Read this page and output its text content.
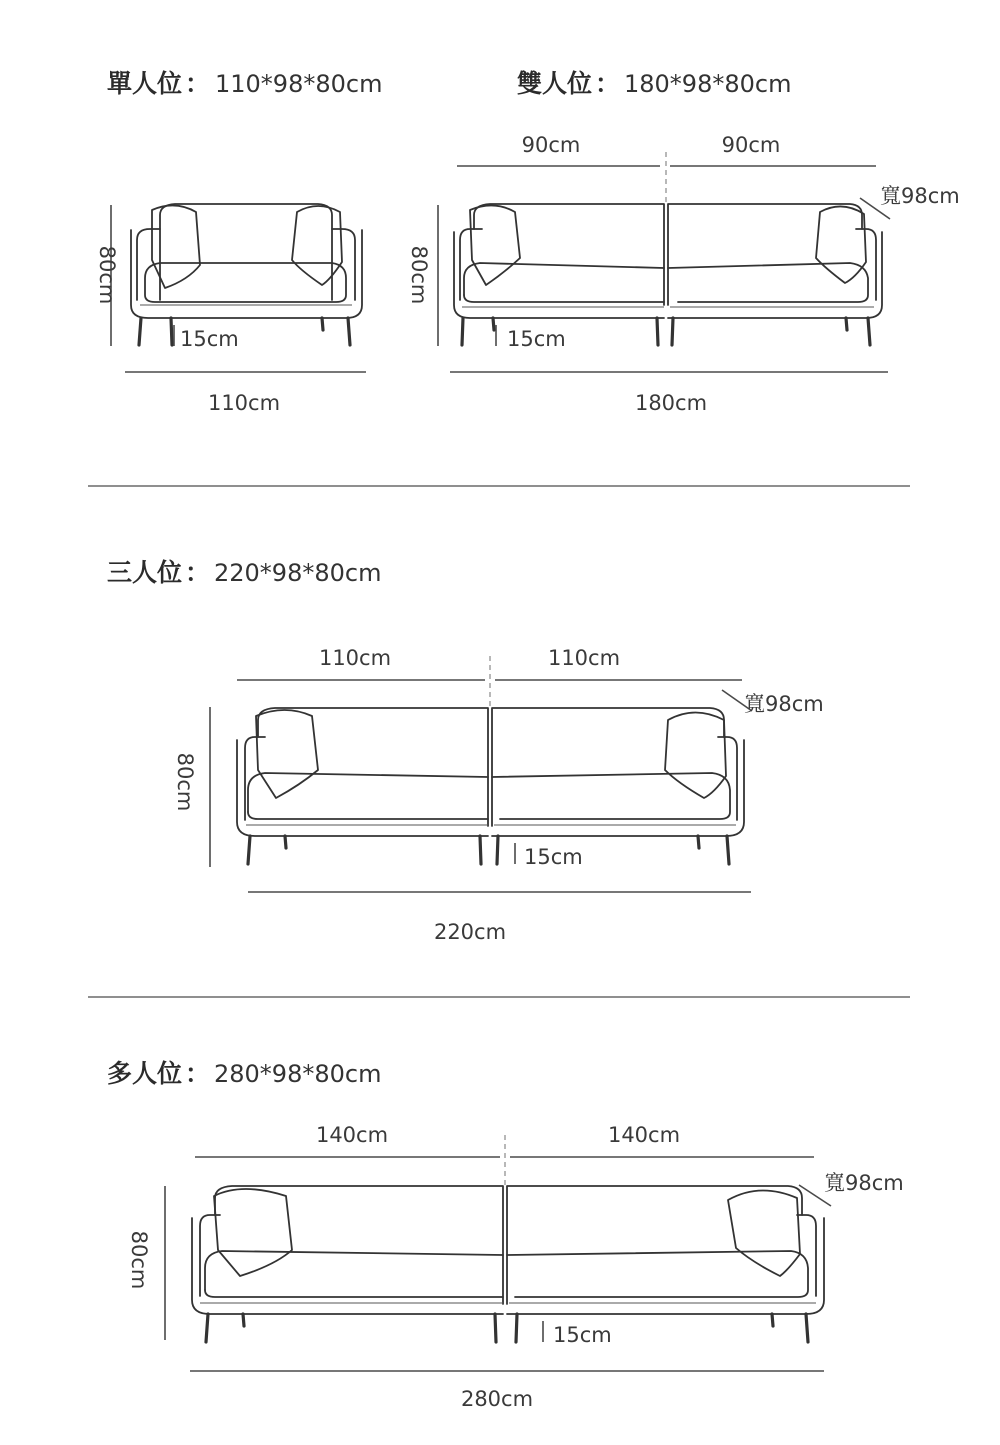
單人位 ： 110*98*80cm
80cm
15cm
110cm
雙人位 ： 180*98*80cm
90cm	90cm
寬98cm
80cm
15cm
180cm
三人位 ： 220*98*80cm
110cm	110cm
寬98cm
80cm
15cm
220cm
多人位 ： 280*98*80cm
140cm	140cm
寬98cm
80cm
15cm
280cm
